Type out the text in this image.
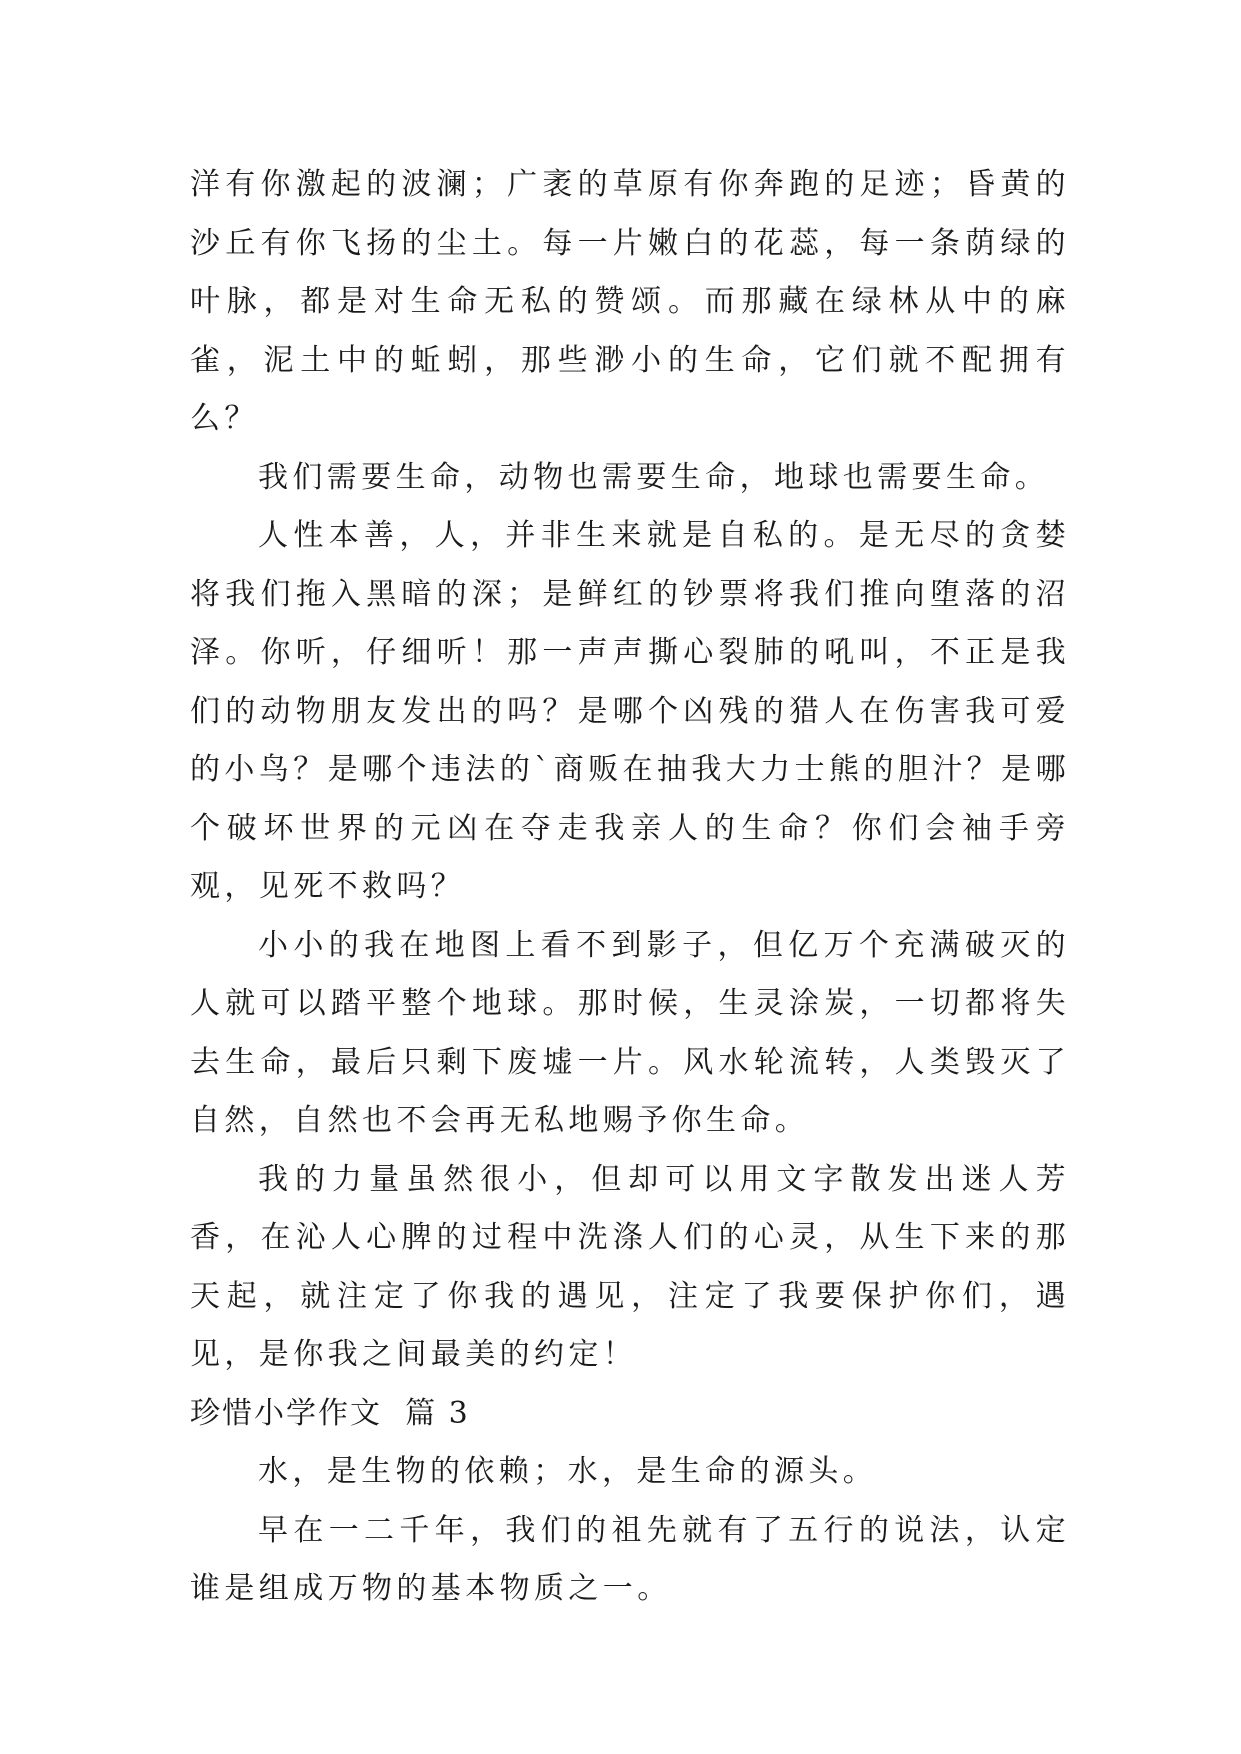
洋有你激起的波澜；广袤的草原有你奔跑的足迹；昏黄的沙丘有你飞扬的尘土。每一片嫩白的花蕊，每一条荫绿的叶脉，都是对生命无私的赞颂。而那藏在绿林从中的麻雀，泥土中的蚯蚓，那些渺小的生命，它们就不配拥有么？

我们需要生命，动物也需要生命，地球也需要生命。

人性本善，人，并非生来就是自私的。是无尽的贪婪将我们拖入黑暗的深；是鲜红的钞票将我们推向堕落的沼泽。你听，仔细听！那一声声撕心裂肺的吼叫，不正是我们的动物朋友发出的吗？是哪个凶残的猎人在伤害我可爱的小鸟？是哪个违法的`商贩在抽我大力士熊的胆汁？是哪个破坏世界的元凶在夺走我亲人的生命？你们会袖手旁观，见死不救吗？

小小的我在地图上看不到影子，但亿万个充满破灭的人就可以踏平整个地球。那时候，生灵涂炭，一切都将失去生命，最后只剩下废墟一片。风水轮流转，人类毁灭了自然，自然也不会再无私地赐予你生命。

我的力量虽然很小，但却可以用文字散发出迷人芳香，在沁人心脾的过程中洗涤人们的心灵，从生下来的那天起，就注定了你我的遇见，注定了我要保护你们，遇见，是你我之间最美的约定！

珍惜小学作文  篇 3

水，是生物的依赖；水，是生命的源头。

早在一二千年，我们的祖先就有了五行的说法，认定谁是组成万物的基本物质之一。
